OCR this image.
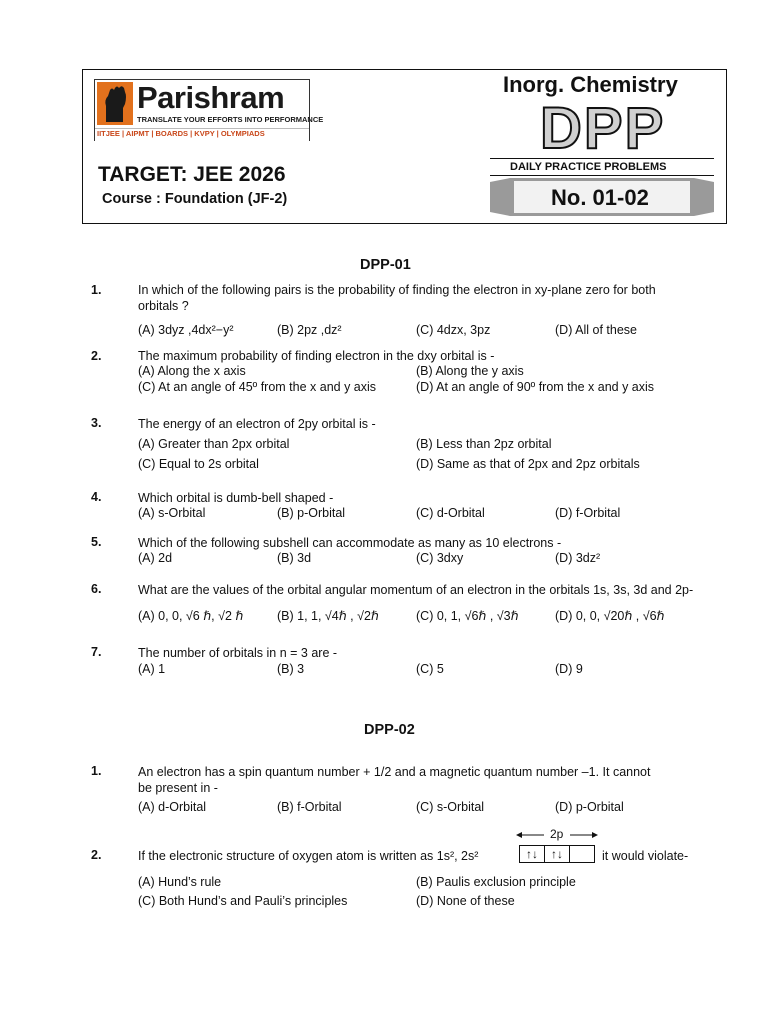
Parishram
TRANSLATE YOUR EFFORTS INTO PERFORMANCE
IITJEE | AIPMT | BOARDS | KVPY | OLYMPIADS
TARGET: JEE 2026
Course : Foundation (JF-2)
Inorg. Chemistry
DPP
DAILY PRACTICE PROBLEMS
No. 01-02
DPP-01
1.	In which of the following pairs is the probability of finding the electron in xy-plane zero for both orbitals ?
(A) 3dyz ,4dx²−y²	(B) 2pz ,dz²	(C) 4dzx, 3pz	(D) All of these
2.	The maximum probability of finding electron in the dxy orbital is -
(A) Along the x axis	(B) Along the y axis
(C) At an angle of 45º from the x and y axis	(D) At an angle of 90º from the x and y axis
3.	The energy of an electron of 2py orbital is -
(A) Greater than 2px orbital	(B) Less than 2pz orbital
(C) Equal to 2s orbital	(D) Same as that of 2px and 2pz orbitals
4.	Which orbital is dumb-bell shaped -
(A) s-Orbital	(B) p-Orbital	(C) d-Orbital	(D) f-Orbital
5.	Which of the following subshell can accommodate as many as 10 electrons -
(A) 2d	(B) 3d	(C) 3dxy	(D) 3dz²
6.	What are the values of the orbital angular momentum of an electron in the orbitals 1s, 3s, 3d and 2p-
(A) 0, 0, √6 ℏ, √2 ℏ	(B) 1, 1, √4ℏ , √2ℏ	(C) 0, 1, √6ℏ , √3ℏ	(D) 0, 0, √20ℏ , √6ℏ
7.	The number of orbitals in n = 3 are -
(A) 1	(B) 3	(C) 5	(D) 9
DPP-02
1.	An electron has a spin quantum number + 1/2 and a magnetic quantum number –1. It cannot be present in -
(A) d-Orbital	(B) f-Orbital	(C) s-Orbital	(D) p-Orbital
2.	If the electronic structure of oxygen atom is written as 1s², 2s²
2p
↑↓ ↑↓	it would violate-
(A) Hund’s rule	(B) Paulis exclusion principle
(C) Both Hund’s and Pauli’s principles	(D) None of these
